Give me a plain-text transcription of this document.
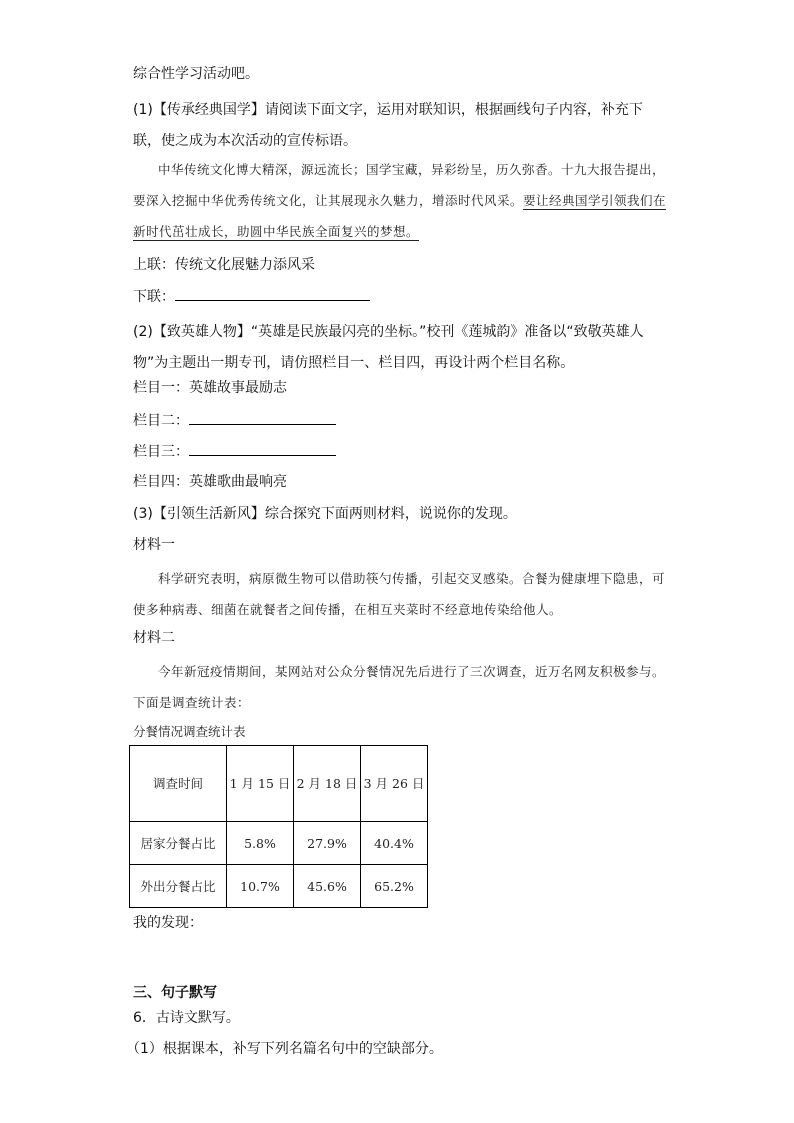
综合性学习活动吧。
(1)【传承经典国学】请阅读下面文字，运用对联知识，根据画线句子内容，补充下联，使之成为本次活动的宣传标语。
中华传统文化博大精深，源远流长；国学宝藏，异彩纷呈，历久弥香。十九大报告提出，要深入挖掘中华优秀传统文化，让其展现永久魅力，增添时代风采。要让经典国学引领我们在新时代茁壮成长，助圆中华民族全面复兴的梦想。
上联：传统文化展魅力添风采
下联：
(2)【致英雄人物】“英雄是民族最闪亮的坐标。”校刊《莲城韵》准备以“致敬英雄人物”为主题出一期专刊，请仿照栏目一、栏目四，再设计两个栏目名称。
栏目一：英雄故事最励志
栏目二：
栏目三：
栏目四：英雄歌曲最响亮
(3)【引领生活新风】综合探究下面两则材料，说说你的发现。
材料一
科学研究表明，病原微生物可以借助筷勺传播，引起交叉感染。合餐为健康埋下隐患，可使多种病毒、细菌在就餐者之间传播，在相互夹菜时不经意地传染给他人。
材料二
今年新冠疫情期间，某网站对公众分餐情况先后进行了三次调查，近万名网友积极参与。下面是调查统计表：
分餐情况调查统计表
调查时间	1 月 15 日	2 月 18 日	3 月 26 日
居家分餐占比	5.8%	27.9%	40.4%
外出分餐占比	10.7%	45.6%	65.2%
我的发现：
三、句子默写
6．古诗文默写。
（1）根据课本，补写下列名篇名句中的空缺部分。
